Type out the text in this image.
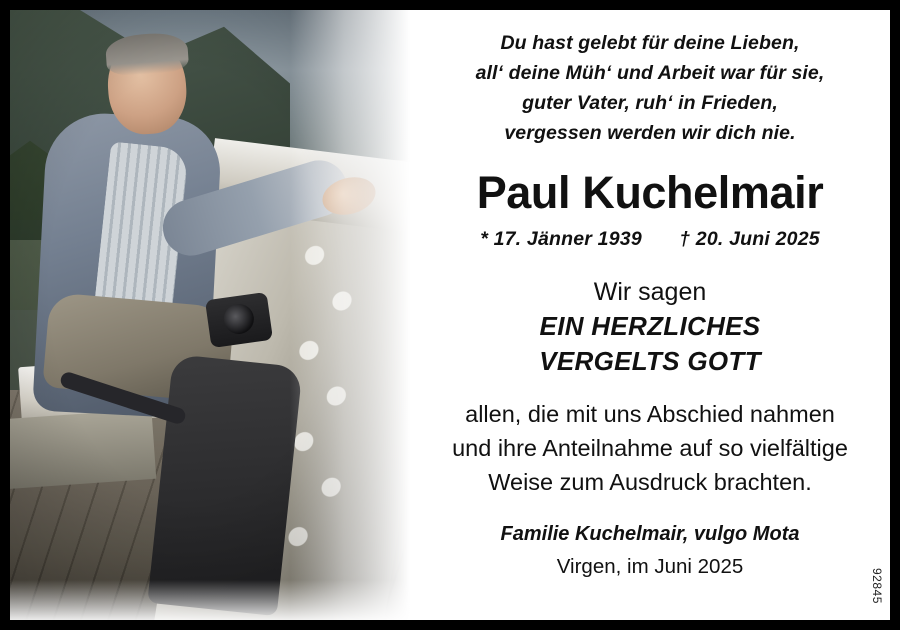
Du hast gelebt für deine Lieben,
all‘ deine Müh‘ und Arbeit war für sie,
guter Vater, ruh‘ in Frieden,
vergessen werden wir dich nie.
Paul Kuchelmair
* 17. Jänner 1939 † 20. Juni 2025
Wir sagen
EIN HERZLICHES
VERGELTS GOTT
allen, die mit uns Abschied nahmen
und ihre Anteilnahme auf so vielfältige
Weise zum Ausdruck brachten.
Familie Kuchelmair, vulgo Mota
Virgen, im Juni 2025
92845
